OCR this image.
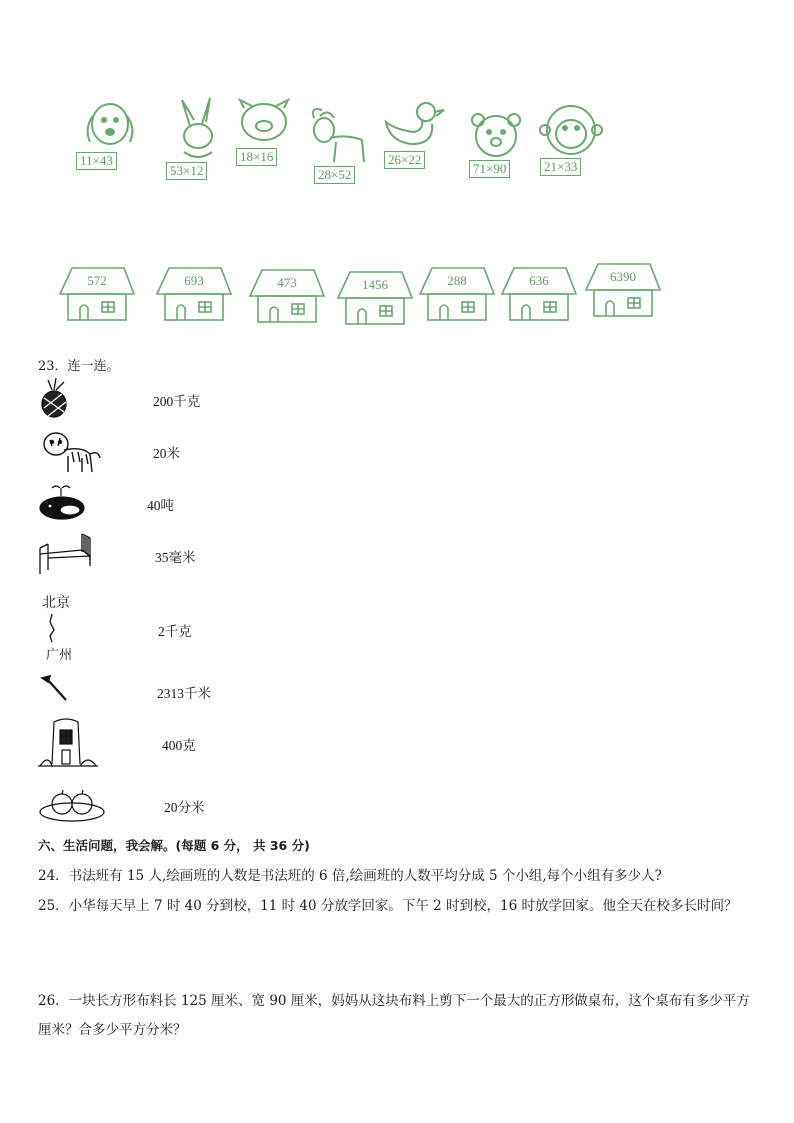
11×43
53×12
18×16
28×52
26×22
71×90	21×33
572	693	473	1456	288	636	6390
23．连一连。
200千克
20米
40吨
35毫米
北京
广州
2千克
2313千米
400克
20分米
六、生活问题，我会解。(每题 6 分， 共 36 分)
24．书法班有 15 人,绘画班的人数是书法班的 6 倍,绘画班的人数平均分成 5 个小组,每个小组有多少人?
25．小华每天早上 7 时 40 分到校，11 时 40 分放学回家。下午 2 时到校，16 时放学回家。他全天在校多长时间？
26．一块长方形布料长 125 厘米、宽 90 厘米，妈妈从这块布料上剪下一个最大的正方形做桌布，这个桌布有多少平方
厘米？合多少平方分米？
